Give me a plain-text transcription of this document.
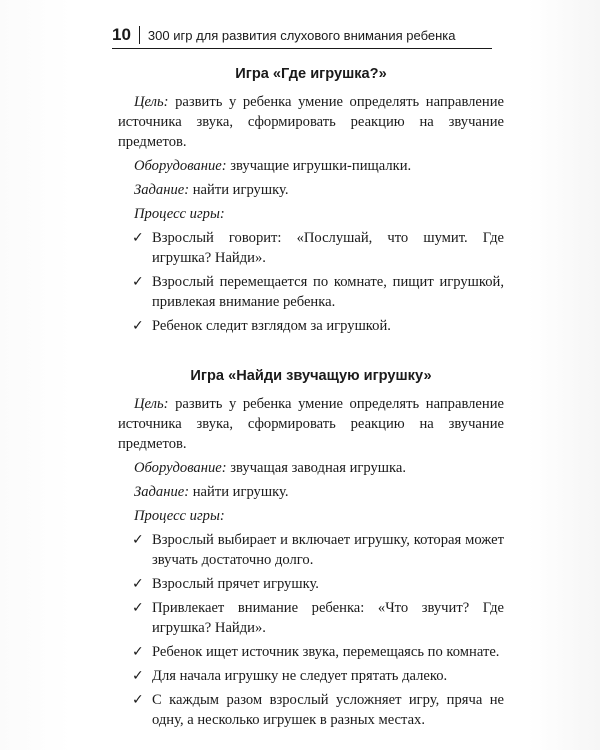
10	300 игр для развития слухового внимания ребенка
Игра «Где игрушка?»

Цель: развить у ребенка умение определять направление источника звука, сформировать реакцию на звучание предметов.

Оборудование: звучащие игрушки-пищалки.

Задание: найти игрушку.

Процесс игры:

✓ Взрослый говорит: «Послушай, что шумит. Где игрушка? Найди».
✓ Взрослый перемещается по комнате, пищит игрушкой, привлекая внимание ребенка.
✓ Ребенок следит взглядом за игрушкой.
Игра «Найди звучащую игрушку»

Цель: развить у ребенка умение определять направление источника звука, сформировать реакцию на звучание предметов.

Оборудование: звучащая заводная игрушка.

Задание: найти игрушку.

Процесс игры:

✓ Взрослый выбирает и включает игрушку, которая может звучать достаточно долго.
✓ Взрослый прячет игрушку.
✓ Привлекает внимание ребенка: «Что звучит? Где игрушка? Найди».
✓ Ребенок ищет источник звука, перемещаясь по комнате.
✓ Для начала игрушку не следует прятать далеко.
✓ С каждым разом взрослый усложняет игру, пряча не одну, а несколько игрушек в разных местах.
